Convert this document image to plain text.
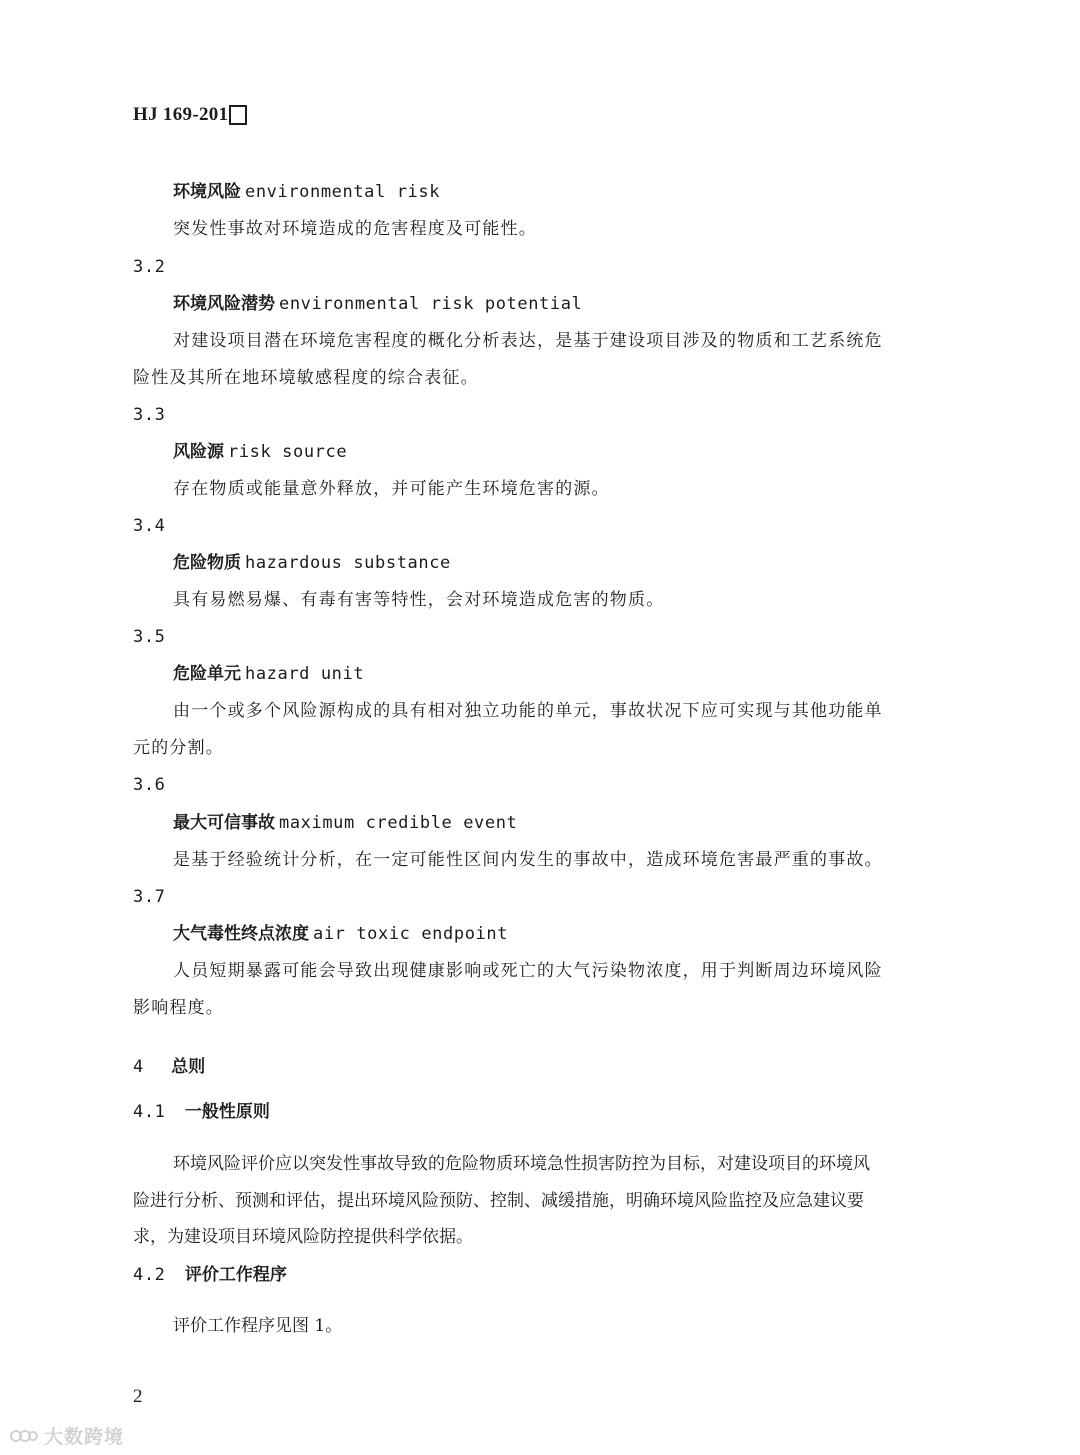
HJ 169-201
环境风险 environmental risk
突发性事故对环境造成的危害程度及可能性。
3.2
环境风险潜势 environmental risk potential
对建设项目潜在环境危害程度的概化分析表达，是基于建设项目涉及的物质和工艺系统危
险性及其所在地环境敏感程度的综合表征。
3.3
风险源 risk source
存在物质或能量意外释放，并可能产生环境危害的源。
3.4
危险物质 hazardous substance
具有易燃易爆、有毒有害等特性，会对环境造成危害的物质。
3.5
危险单元 hazard unit
由一个或多个风险源构成的具有相对独立功能的单元，事故状况下应可实现与其他功能单
元的分割。
3.6
最大可信事故 maximum credible event
是基于经验统计分析，在一定可能性区间内发生的事故中，造成环境危害最严重的事故。
3.7
大气毒性终点浓度 air toxic endpoint
人员短期暴露可能会导致出现健康影响或死亡的大气污染物浓度，用于判断周边环境风险
影响程度。
4 总则
4.1 一般性原则
环境风险评价应以突发性事故导致的危险物质环境急性损害防控为目标，对建设项目的环境风
险进行分析、预测和评估，提出环境风险预防、控制、减缓措施，明确环境风险监控及应急建议要
求，为建设项目环境风险防控提供科学依据。
4.2 评价工作程序
评价工作程序见图 1。
2
大数跨境
